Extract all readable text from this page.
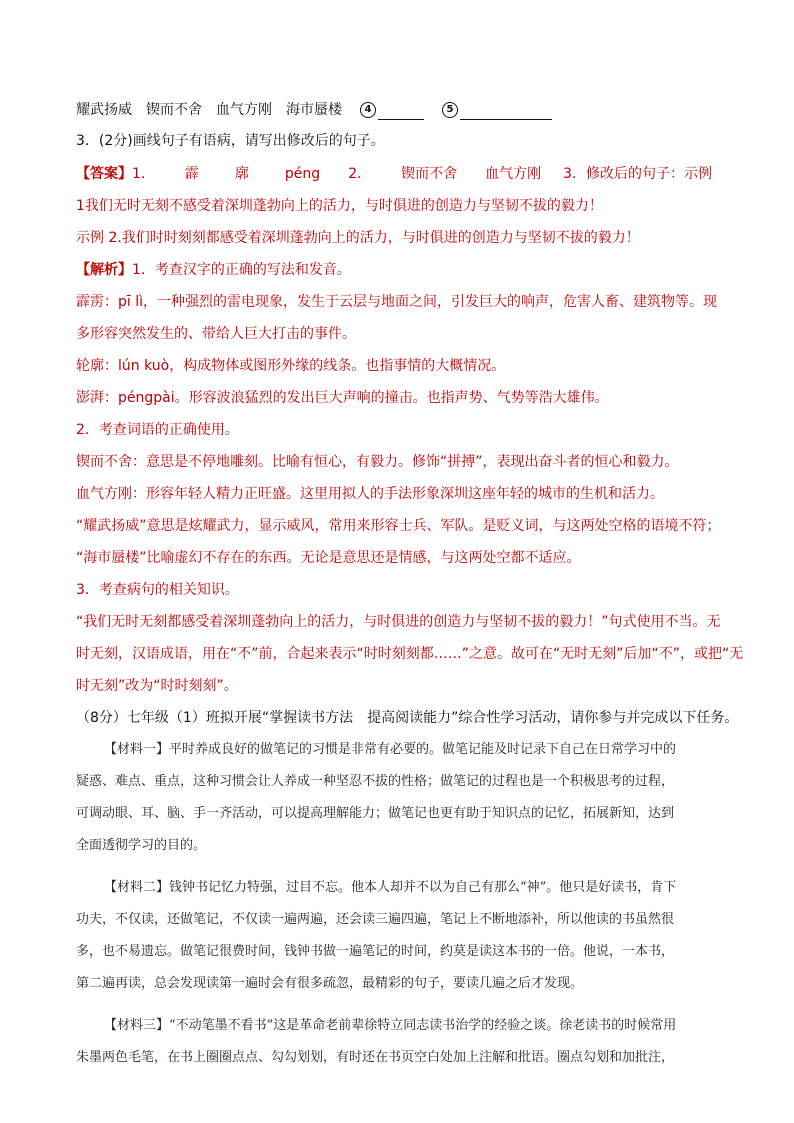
耀武扬威 锲而不舍 血气方刚 海市蜃楼 4	5
3．(2分)画线句子有语病，请写出修改后的句子。
【答案】1． 霹	廓	péng 2． 锲而不舍 血气方刚 3．修改后的句子：示例
1我们无时无刻不感受着深圳蓬勃向上的活力，与时俱进的创造力与坚韧不拔的毅力！
示例 2.我们时时刻刻都感受着深圳蓬勃向上的活力，与时俱进的创造力与坚韧不拔的毅力！
【解析】1．考查汉字的正确的写法和发音。
霹雳：pī lì，一种强烈的雷电现象，发生于云层与地面之间，引发巨大的响声，危害人畜、建筑物等。现
多形容突然发生的、带给人巨大打击的事件。
轮廓：lún kuò，构成物体或图形外缘的线条。也指事情的大概情况。
澎湃：péngpài。形容波浪猛烈的发出巨大声响的撞击。也指声势、气势等浩大雄伟。
2．考查词语的正确使用。
锲而不舍：意思是不停地雕刻。比喻有恒心，有毅力。修饰“拼搏”，表现出奋斗者的恒心和毅力。
血气方刚：形容年轻人精力正旺盛。这里用拟人的手法形象深圳这座年轻的城市的生机和活力。
“耀武扬威”意思是炫耀武力，显示威风，常用来形容士兵、军队。是贬义词，与这两处空格的语境不符；
“海市蜃楼”比喻虚幻不存在的东西。无论是意思还是情感，与这两处空都不适应。
3．考查病句的相关知识。
“我们无时无刻都感受着深圳蓬勃向上的活力，与时俱进的创造力与坚韧不拔的毅力！”句式使用不当。无
时无刻，汉语成语，用在“不”前，合起来表示“时时刻刻都……”之意。故可在“无时无刻”后加“不”，或把“无
时无刻”改为“时时刻刻”。
（8分）七年级（1）班拟开展“掌握读书方法　提高阅读能力”综合性学习活动，请你参与并完成以下任务。
【材料一】平时养成良好的做笔记的习惯是非常有必要的。做笔记能及时记录下自己在日常学习中的
疑惑、难点、重点，这种习惯会让人养成一种坚忍不拔的性格；做笔记的过程也是一个积极思考的过程，
可调动眼、耳、脑、手一齐活动，可以提高理解能力；做笔记也更有助于知识点的记忆，拓展新知，达到
全面透彻学习的目的。
【材料二】钱钟书记忆力特强，过目不忘。他本人却并不以为自己有那么“神”。他只是好读书，肯下
功夫，不仅读，还做笔记，不仅读一遍两遍，还会读三遍四遍，笔记上不断地添补，所以他读的书虽然很
多，也不易遗忘。做笔记很费时间，钱钟书做一遍笔记的时间，约莫是读这本书的一倍。他说，一本书，
第二遍再读，总会发现读第一遍时会有很多疏忽，最精彩的句子，要读几遍之后才发现。
【材料三】“不动笔墨不看书”这是革命老前辈徐特立同志读书治学的经验之谈。徐老读书的时候常用
朱墨两色毛笔，在书上圈圈点点、勾勾划划，有时还在书页空白处加上注解和批语。圈点勾划和加批注，
